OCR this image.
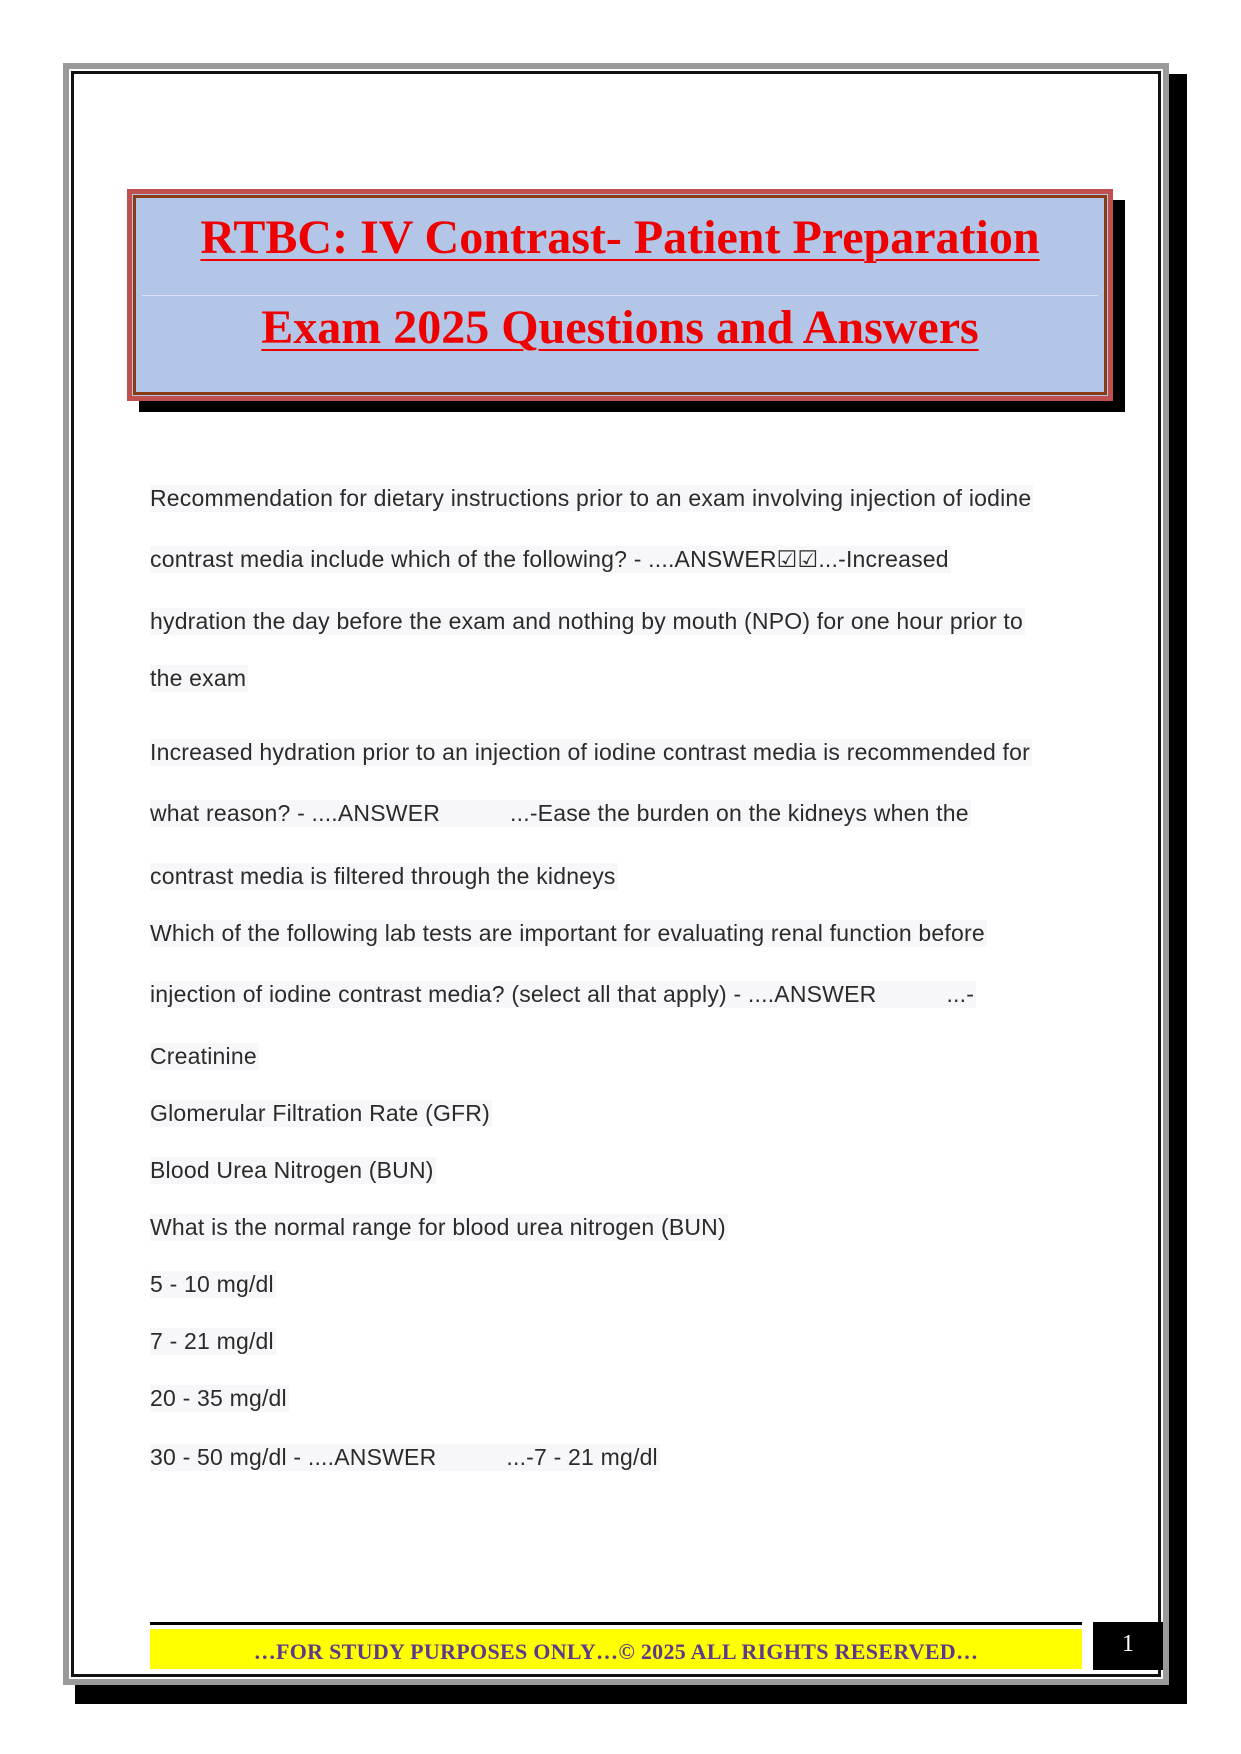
RTBC: IV Contrast- Patient Preparation
Exam 2025 Questions and Answers
Recommendation for dietary instructions prior to an exam involving injection of iodine
contrast media include which of the following? - ....ANSWER☑☑...-Increased
hydration the day before the exam and nothing by mouth (NPO) for one hour prior to
the exam
Increased hydration prior to an injection of iodine contrast media is recommended for
what reason? - ....ANSWER	...-Ease the burden on the kidneys when the
contrast media is filtered through the kidneys
Which of the following lab tests are important for evaluating renal function before
injection of iodine contrast media? (select all that apply) - ....ANSWER	...-
Creatinine
Glomerular Filtration Rate (GFR)
Blood Urea Nitrogen (BUN)
What is the normal range for blood urea nitrogen (BUN)
5 - 10 mg/dl
7 - 21 mg/dl
20 - 35 mg/dl
30 - 50 mg/dl - ....ANSWER	...-7 - 21 mg/dl
…FOR STUDY PURPOSES ONLY…© 2025 ALL RIGHTS RESERVED…	1
